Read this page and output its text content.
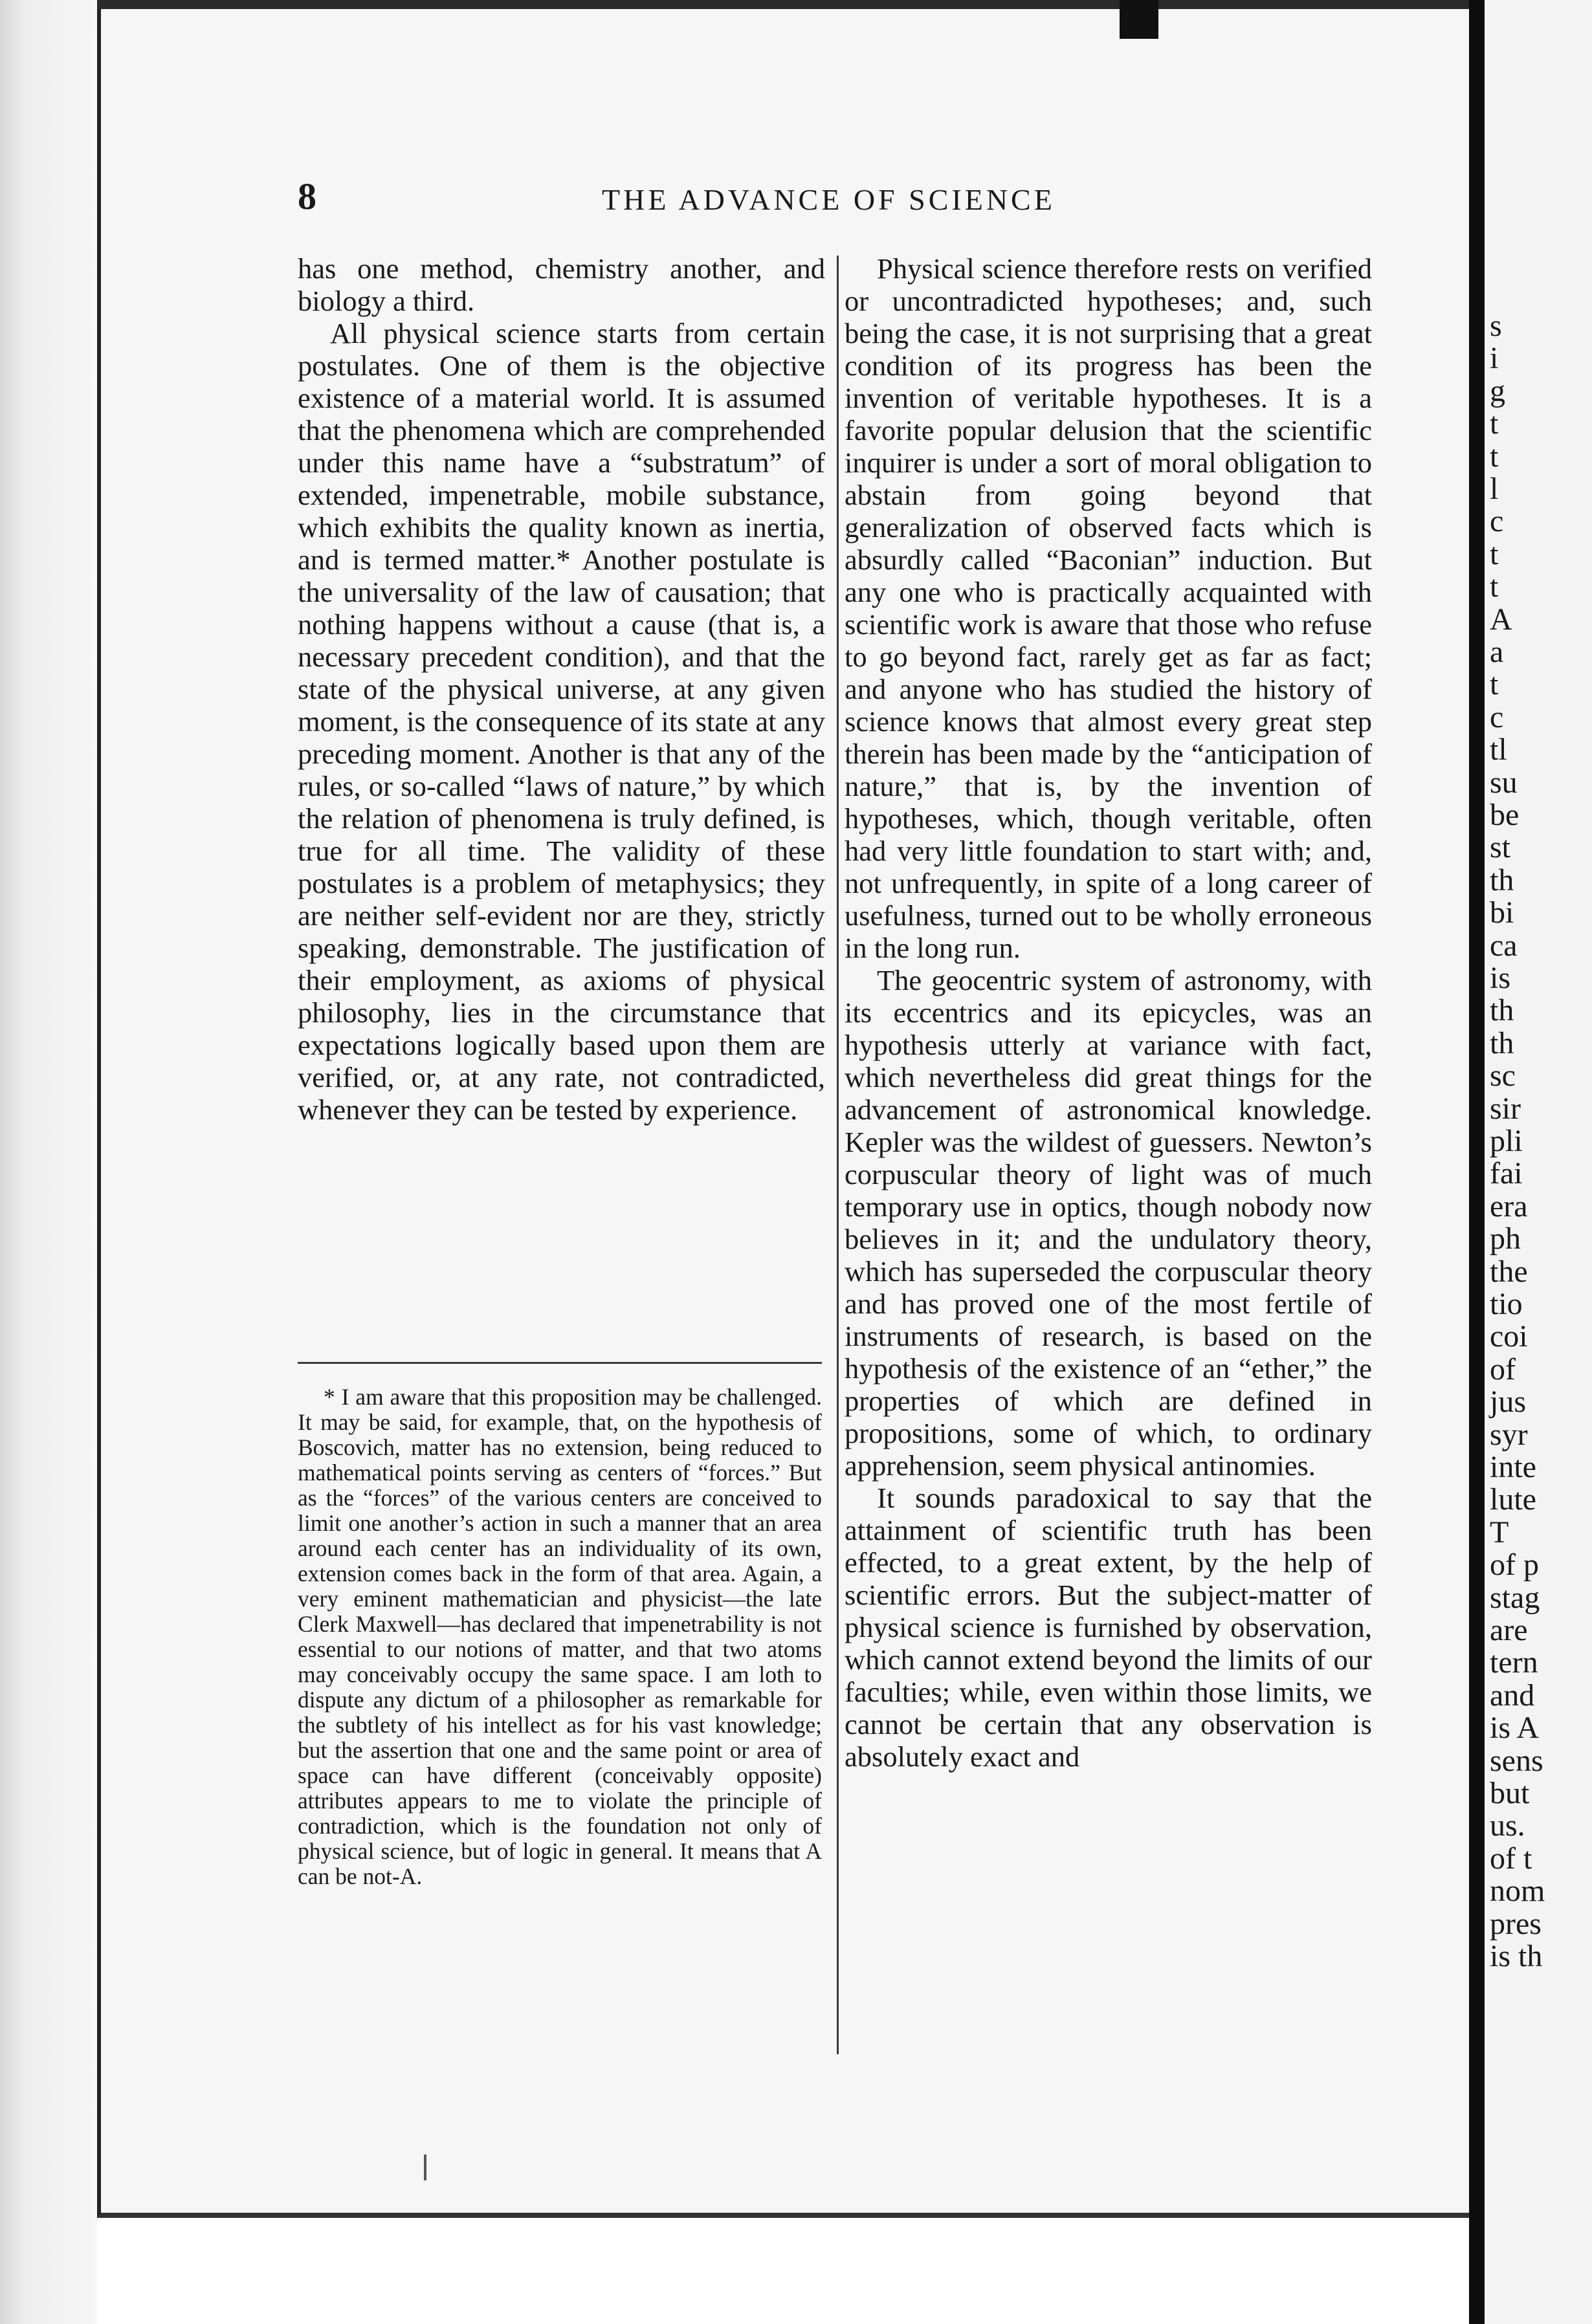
s
i
g
t
t
l
c
t
t
A
a
t
c
tl
su
be
st
th
bi
ca
is
th
th
sc
sir
pli
fai
era
ph
the
tio
coi
of
jus
syr
inte
lute
T
of p
stag
are
tern
and
is A
sens
but
us.
of t
nom
pres
is th
8	THE ADVANCE OF SCIENCE

has one method, chemistry another, and biology a third.

All physical science starts from certain postulates. One of them is the objective existence of a material world. It is assumed that the phenomena which are comprehended under this name have a “substratum” of extended, impenetrable, mobile substance, which exhibits the quality known as inertia, and is termed matter.* Another postulate is the universality of the law of causation; that nothing happens without a cause (that is, a necessary precedent condition), and that the state of the physical universe, at any given moment, is the consequence of its state at any preceding moment. Another is that any of the rules, or so-called “laws of nature,” by which the relation of phenomena is truly defined, is true for all time. The validity of these postulates is a problem of metaphysics; they are neither self-evident nor are they, strictly speaking, demonstrable. The justification of their employment, as axioms of physical philosophy, lies in the circumstance that expectations logically based upon them are verified, or, at any rate, not contradicted, whenever they can be tested by experience.

Physical science therefore rests on verified or uncontradicted hypotheses; and, such being the case, it is not surprising that a great condition of its progress has been the invention of veritable hypotheses. It is a favorite popular delusion that the scientific inquirer is under a sort of moral obligation to abstain from going beyond that generalization of observed facts which is absurdly called “Baconian” induction. But any one who is practically acquainted with scientific work is aware that those who refuse to go beyond fact, rarely get as far as fact; and anyone who has studied the history of science knows that almost every great step therein has been made by the “anticipation of nature,” that is, by the invention of hypotheses, which, though veritable, often had very little foundation to start with; and, not unfrequently, in spite of a long career of usefulness, turned out to be wholly erroneous in the long run.

The geocentric system of astronomy, with its eccentrics and its epicycles, was an hypothesis utterly at variance with fact, which nevertheless did great things for the advancement of astronomical knowledge. Kepler was the wildest of guessers. Newton’s corpuscular theory of light was of much temporary use in optics, though nobody now believes in it; and the undulatory theory, which has superseded the corpuscular theory and has proved one of the most fertile of instruments of research, is based on the hypothesis of the existence of an “ether,” the properties of which are defined in propositions, some of which, to ordinary apprehension, seem physical antinomies.

It sounds paradoxical to say that the attainment of scientific truth has been effected, to a great extent, by the help of scientific errors. But the subject-matter of physical science is furnished by observation, which cannot extend beyond the limits of our faculties; while, even within those limits, we cannot be certain that any observation is absolutely exact and

* I am aware that this proposition may be challenged. It may be said, for example, that, on the hypothesis of Boscovich, matter has no extension, being reduced to mathematical points serving as centers of “forces.” But as the “forces” of the various centers are conceived to limit one another’s action in such a manner that an area around each center has an individuality of its own, extension comes back in the form of that area. Again, a very eminent mathematician and physicist—the late Clerk Maxwell—has declared that impenetrability is not essential to our notions of matter, and that two atoms may conceivably occupy the same space. I am loth to dispute any dictum of a philosopher as remarkable for the subtlety of his intellect as for his vast knowledge; but the assertion that one and the same point or area of space can have different (conceivably opposite) attributes appears to me to violate the principle of contradiction, which is the foundation not only of physical science, but of logic in general. It means that A can be not-A.
